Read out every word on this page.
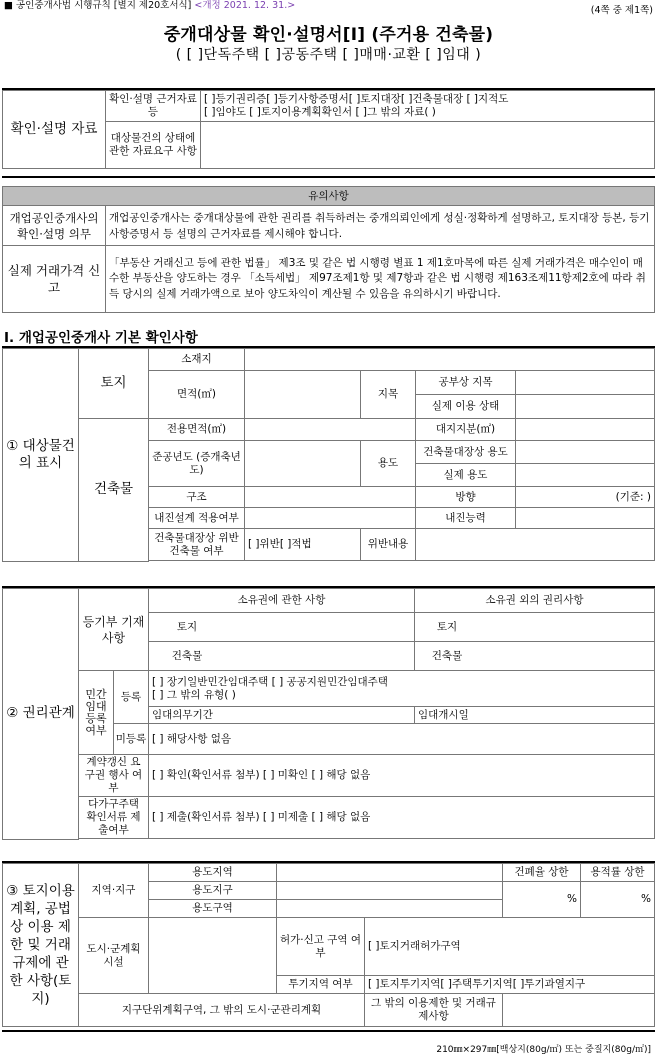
■ 공인중개사법 시행규칙 [별지 제20호서식] <개정 2021. 12. 31.>	(4쪽 중 제1쪽)
중개대상물 확인·설명서[Ⅰ] (주거용 건축물)
( [ ]단독주택 [ ]공동주택 [ ]매매·교환 [ ]임대 )
확인·설명 자료	확인·설명 근거자료 등	[ ]등기권리증[ ]등기사항증명서[ ]토지대장[ ]건축물대장 [ ]지적도
[ ]임야도 [ ]토지이용계획확인서 [ ]그 밖의 자료( )

	대상물건의 상태에 관한 자료요구 사항	
유의사항	
개업공인중개사의 확인·설명 의무	개업공인중개사는 중개대상물에 관한 권리를 취득하려는 중개의뢰인에게 성실·정확하게 설명하고, 토지대장 등본, 등기사항증명서 등 설명의 근거자료를 제시해야 합니다.
실제 거래가격 신고	「부동산 거래신고 등에 관한 법률」 제3조 및 같은 법 시행령 별표 1 제1호마목에 따른 실제 거래가격은 매수인이 매수한 부동산을 양도하는 경우 「소득세법」 제97조제1항 및 제7항과 같은 법 시행령 제163조제11항제2호에 따라 취득 당시의 실제 거래가액으로 보아 양도차익이 계산될 수 있음을 유의하시기 바랍니다.
Ⅰ. 개업공인중개사 기본 확인사항
① 대상물건의 표시	토지	소재지				
		면적(㎡)		지목	공부상 지목	
					실제 이용 상태	
	건축물	전용면적(㎡)			대지지분(㎡)	
		준공년도 (증개축년도)		용도	건축물대장상 용도	
					실제 용도	
		구조			방향	(기준: )
		내진설계 적용여부			내진능력	
		건축물대장상 위반건축물 여부	[ ]위반[ ]적법	위반내용		

② 권리관계	등기부 기재사항		소유권에 관한 사항	소유권 외의 권리사항
			토지	토지
			건축물	건축물
	민간 임대 등록 여부	등록	[ ] 장기일반민간임대주택 [ ] 공공지원민간임대주택
[ ] 그 밖의 유형( )	

			임대의무기간	임대개시일
		미등록	[ ] 해당사항 없음	
	계약갱신 요구권 행사 여부		[ ] 확인(확인서류 첨부) [ ] 미확인 [ ] 해당 없음	
	다가구주택 확인서류 제출여부		[ ] 제출(확인서류 첨부) [ ] 미제출 [ ] 해당 없음	

③ 토지이용 계획, 공법상 이용 제한 및 거래 규제에 관한 사항(토지)	지역·지구	용도지역			건폐율 상한	용적률 상한
		용도지구			%	%
		용도구역				
	도시·군계획 시설		허가·신고 구역 여부	[ ]토지거래허가구역		
			투기지역 여부	[ ]토지투기지역[ ]주택투기지역[ ]투기과열지구		
	지구단위계획구역, 그 밖의 도시·군관리계획			그 밖의 이용제한 및 거래규제사항		
210㎜×297㎜[백상지(80g/㎡) 또는 중질지(80g/㎡)]
